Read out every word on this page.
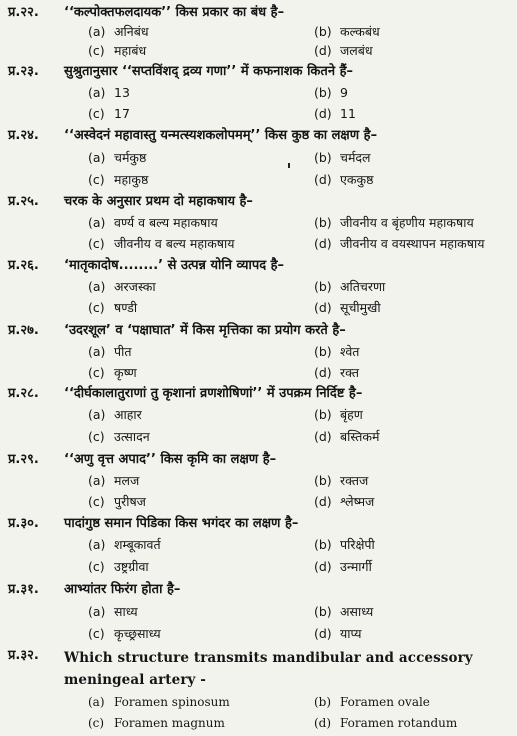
प्र.२२. ‘‘कल्पोक्तफलदायक’’ किस प्रकार का बंध है–
(a) अनिबंध	(b) कल्कबंध
(c) महाबंध	(d) जलबंध
प्र.२३. सुश्रुतानुसार ‘‘सप्तविंशद् द्रव्य गणा’’ में कफनाशक कितने हैं–
(a) 13	(b) 9
(c) 17	(d) 11
प्र.२४. ‘‘अस्वेदनं महावास्तु यन्मत्स्यशकलोपमम्’’ किस कुष्ठ का लक्षण है–
(a) चर्मकुष्ठ	(b) चर्मदल
(c) महाकुष्ठ	(d) एककुष्ठ
प्र.२५. चरक के अनुसार प्रथम दो महाकषाय है–
(a) वर्ण्य व बल्य महाकषाय	(b) जीवनीय व बृंहणीय महाकषाय
(c) जीवनीय व बल्य महाकषाय	(d) जीवनीय व वयस्थापन महाकषाय
प्र.२६. ‘मातृकादोष........’ से उत्पन्न योनि व्यापद है–
(a) अरजस्का	(b) अतिचरणा
(c) षण्डी	(d) सूचीमुखी
प्र.२७. ‘उदरशूल’ व ‘पक्षाघात’ में किस मृत्तिका का प्रयोग करते है–
(a) पीत	(b) श्वेत
(c) कृष्ण	(d) रक्त
प्र.२८. ‘‘दीर्घकालातुराणां तु कृशानां व्रणशोषिणां’’ में उपक्रम निर्दिष्ट है–
(a) आहार	(b) बृंहण
(c) उत्सादन	(d) बस्तिकर्म
प्र.२९. ‘‘अणु वृत्त अपाद’’ किस कृमि का लक्षण है–
(a) मलज	(b) रक्तज
(c) पुरीषज	(d) श्लेष्मज
प्र.३०. पादांगुष्ठ समान पिडिका किस भगंदर का लक्षण है–
(a) शम्बूकावर्त	(b) परिक्षेपी
(c) उष्ट्रग्रीवा	(d) उन्मार्गी
प्र.३१. आभ्यांतर फिरंग होता है–
(a) साध्य	(b) असाध्य
(c) कृच्छ्रसाध्य	(d) याप्य
प्र.३२. Which structure transmits mandibular and accessory meningeal artery -
(a) Foramen spinosum	(b) Foramen ovale
(c) Foramen magnum	(d) Foramen rotandum
